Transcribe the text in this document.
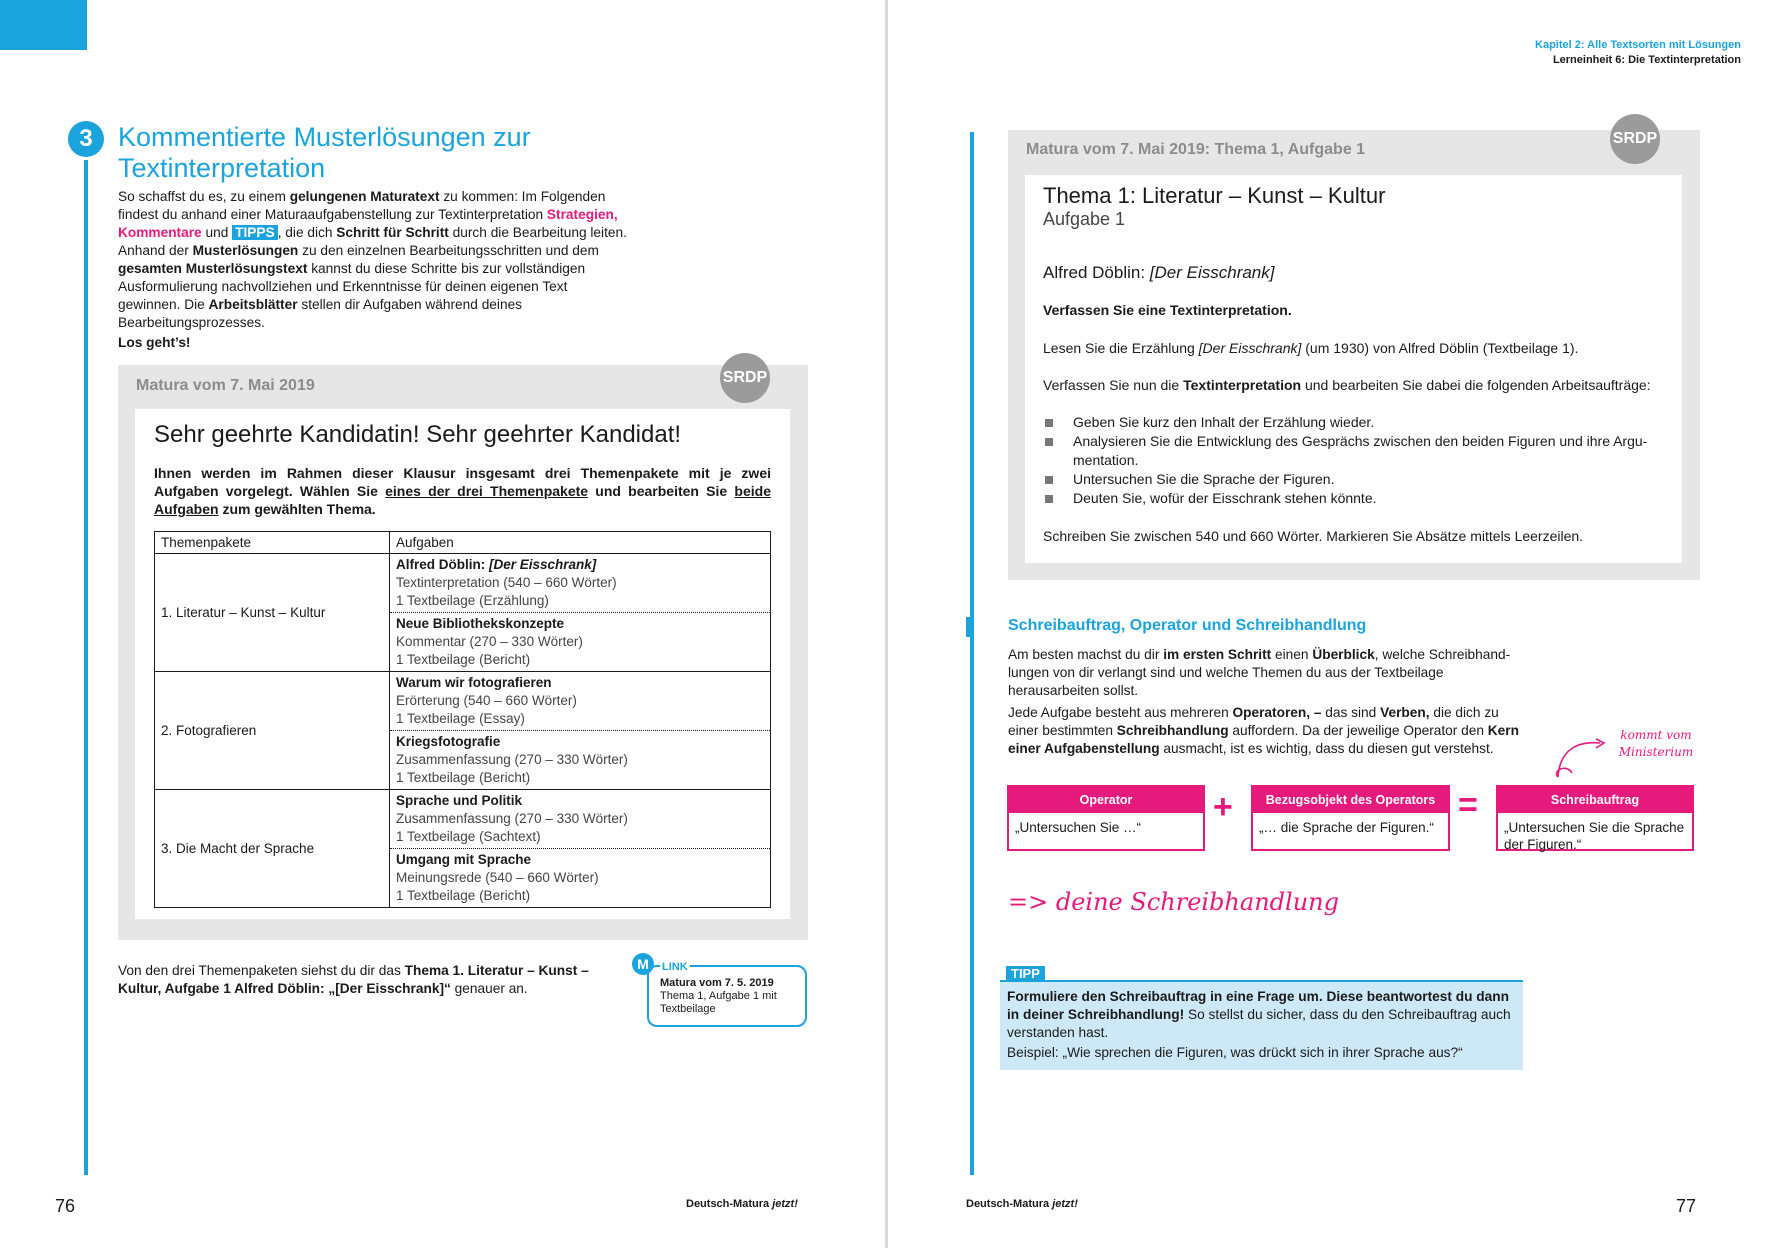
3 Kommentierte Musterlösungen zur Textinterpretation

So schaffst du es, zu einem gelungenen Maturatext zu kommen: Im Folgenden findest du anhand einer Maturaaufgabenstellung zur Textinterpretation Strategien, Kommentare und TIPPS , die dich Schritt für Schritt durch die Bearbeitung leiten. Anhand der Musterlösungen zu den einzelnen Bearbeitungsschritten und dem gesamten Musterlösungstext kannst du diese Schritte bis zur vollständigen Ausformulierung nachvollziehen und Erkenntnisse für deinen eigenen Text gewinnen. Die Arbeitsblätter stellen dir Aufgaben während deines Bearbeitungsprozesses.

Los geht’s!

Matura vom 7. Mai 2019	SRDP
Sehr geehrte Kandidatin! Sehr geehrter Kandidat!

Ihnen werden im Rahmen dieser Klausur insgesamt drei Themenpakete mit je zwei Aufgaben vorgelegt. Wählen Sie eines der drei Themenpakete und bearbeiten Sie beide Aufgaben zum gewählten Thema.

Themenpakete	Aufgaben
1. Literatur – Kunst – Kultur	Alfred Döblin: [Der Eisschrank]
Textinterpretation (540 – 660 Wörter)
1 Textbeilage (Erzählung)

	Neue Bibliothekskonzepte
Kommentar (270 – 330 Wörter)
1 Textbeilage (Bericht)

2. Fotografieren	Warum wir fotografieren
Erörterung (540 – 660 Wörter)
1 Textbeilage (Essay)

	Kriegsfotografie
Zusammenfassung (270 – 330 Wörter)
1 Textbeilage (Bericht)

3. Die Macht der Sprache	Sprache und Politik
Zusammenfassung (270 – 330 Wörter)
1 Textbeilage (Sachtext)

	Umgang mit Sprache
Meinungsrede (540 – 660 Wörter)
1 Textbeilage (Bericht)

Von den drei Themenpaketen siehst du dir das Thema 1. Literatur – Kunst – Kultur, Aufgabe 1 Alfred Döblin: „[Der Eisschrank]“ genauer an.	Matura vom 7. 5. 2019
Thema 1, Aufgabe 1 mit Textbeilage
LINK
M
76	Deutsch-Matura jetzt!
Kapitel 2: Alle Textsorten mit Lösungen
Lerneinheit 6: Die Textinterpretation
Matura vom 7. Mai 2019: Thema 1, Aufgabe 1
SRDP
Thema 1: Literatur – Kunst – Kultur
Aufgabe 1
Alfred Döblin: [Der Eisschrank]
Verfassen Sie eine Textinterpretation.
Lesen Sie die Erzählung [Der Eisschrank] (um 1930) von Alfred Döblin (Textbeilage 1).
Verfassen Sie nun die Textinterpretation und bearbeiten Sie dabei die folgenden Arbeitsaufträge:
Geben Sie kurz den Inhalt der Erzählung wieder.
Analysieren Sie die Entwicklung des Gesprächs zwischen den beiden Figuren und ihre Argumentation.
Untersuchen Sie die Sprache der Figuren.
Deuten Sie, wofür der Eisschrank stehen könnte.
Schreiben Sie zwischen 540 und 660 Wörter. Markieren Sie Absätze mittels Leerzeilen.
Schreibauftrag, Operator und Schreibhandlung

Am besten machst du dir im ersten Schritt einen Überblick, welche Schreibhandlungen von dir verlangt sind und welche Themen du aus der Textbeilage herausarbeiten sollst.

Jede Aufgabe besteht aus mehreren Operatoren, – das sind Verben, die dich zu einer bestimmten Schreibhandlung auffordern. Da der jeweilige Operator den Kern einer Aufgabenstellung ausmacht, ist es wichtig, dass du diesen gut verstehst.

kommt vom Ministerium
Operator
„Untersuchen Sie …“
+	Bezugsobjekt des Operators
„… die Sprache der Figuren.“
=	Schreibauftrag
„Untersuchen Sie die Sprache der Figuren.“
=> deine Schreibhandlung
Formuliere den Schreibauftrag in eine Frage um. Diese beantwortest du dann in deiner Schreibhandlung! So stellst du sicher, dass du den Schreibauftrag auch verstanden hast.
Beispiel: „Wie sprechen die Figuren, was drückt sich in ihrer Sprache aus?“
TIPP
Deutsch-Matura jetzt!	77
